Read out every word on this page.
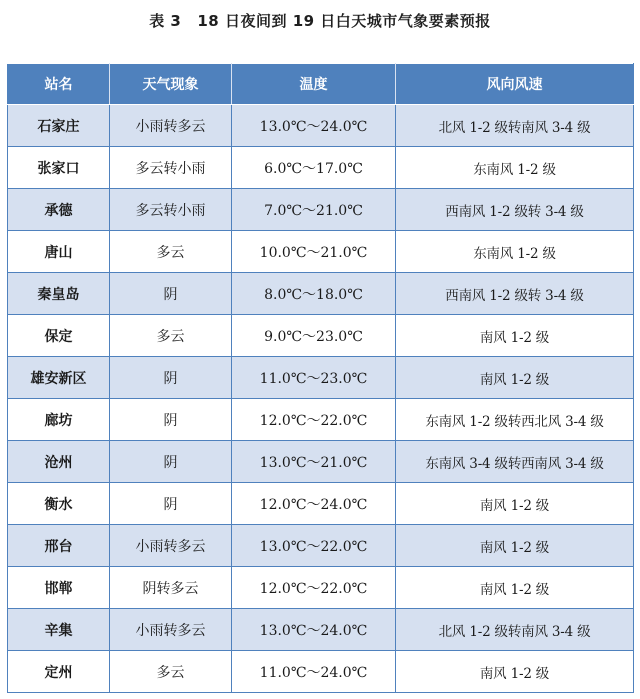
表 3 18 日夜间到 19 日白天城市气象要素预报
站名	天气现象	温度	风向风速
石家庄	小雨转多云	13.0℃～24.0℃	北风 1-2 级转南风 3-4 级
张家口	多云转小雨	6.0℃～17.0℃	东南风 1-2 级
承德	多云转小雨	7.0℃～21.0℃	西南风 1-2 级转 3-4 级
唐山	多云	10.0℃～21.0℃	东南风 1-2 级
秦皇岛	阴	8.0℃～18.0℃	西南风 1-2 级转 3-4 级
保定	多云	9.0℃～23.0℃	南风 1-2 级
雄安新区	阴	11.0℃～23.0℃	南风 1-2 级
廊坊	阴	12.0℃～22.0℃	东南风 1-2 级转西北风 3-4 级
沧州	阴	13.0℃～21.0℃	东南风 3-4 级转西南风 3-4 级
衡水	阴	12.0℃～24.0℃	南风 1-2 级
邢台	小雨转多云	13.0℃～22.0℃	南风 1-2 级
邯郸	阴转多云	12.0℃～22.0℃	南风 1-2 级
辛集	小雨转多云	13.0℃～24.0℃	北风 1-2 级转南风 3-4 级
定州	多云	11.0℃～24.0℃	南风 1-2 级
